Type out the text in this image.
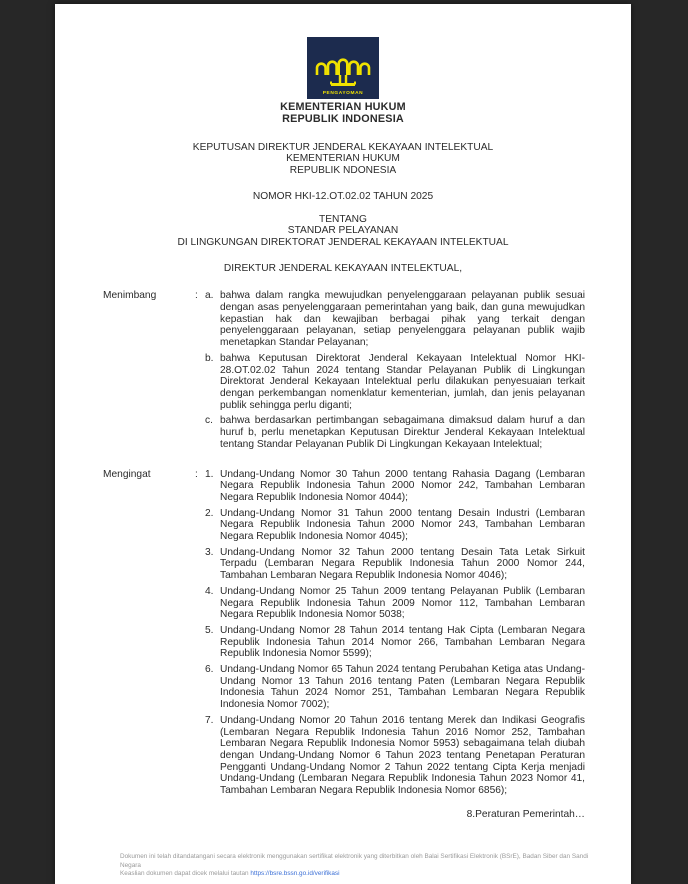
PENGAYOMAN
KEMENTERIAN HUKUM
REPUBLIK INDONESIA
KEPUTUSAN DIREKTUR JENDERAL KEKAYAAN INTELEKTUAL
KEMENTERIAN HUKUM
REPUBLIK NDONESIA
NOMOR HKI-12.OT.02.02 TAHUN 2025
TENTANG
STANDAR PELAYANAN
DI LINGKUNGAN DIREKTORAT JENDERAL KEKAYAAN INTELEKTUAL
DIREKTUR JENDERAL KEKAYAAN INTELEKTUAL,
Menimbang	: a. bahwa dalam rangka mewujudkan penyelenggaraan pelayanan publik sesuai dengan asas penyelenggaraan pemerintahan yang baik, dan guna mewujudkan kepastian hak dan kewajiban berbagai pihak yang terkait dengan penyelenggaraan pelayanan, setiap penyelenggara pelayanan publik wajib menetapkan Standar Pelayanan;
b. bahwa Keputusan Direktorat Jenderal Kekayaan Intelektual Nomor HKI-28.OT.02.02 Tahun 2024 tentang Standar Pelayanan Publik di Lingkungan Direktorat Jenderal Kekayaan Intelektual perlu dilakukan penyesuaian terkait dengan perkembangan nomenklatur kementerian, jumlah, dan jenis pelayanan publik sehingga perlu diganti;
c. bahwa berdasarkan pertimbangan sebagaimana dimaksud dalam huruf a dan huruf b, perlu menetapkan Keputusan Direktur Jenderal Kekayaan Intelektual tentang Standar Pelayanan Publik Di Lingkungan Kekayaan Intelektual;
Mengingat	: 1. Undang-Undang Nomor 30 Tahun 2000 tentang Rahasia Dagang (Lembaran Negara Republik Indonesia Tahun 2000 Nomor 242, Tambahan Lembaran Negara Republik Indonesia Nomor 4044);
2. Undang-Undang Nomor 31 Tahun 2000 tentang Desain Industri (Lembaran Negara Republik Indonesia Tahun 2000 Nomor 243, Tambahan Lembaran Negara Republik Indonesia Nomor 4045);
3. Undang-Undang Nomor 32 Tahun 2000 tentang Desain Tata Letak Sirkuit Terpadu (Lembaran Negara Republik Indonesia Tahun 2000 Nomor 244, Tambahan Lembaran Negara Republik Indonesia Nomor 4046);
4. Undang-Undang Nomor 25 Tahun 2009 tentang Pelayanan Publik (Lembaran Negara Republik Indonesia Tahun 2009 Nomor 112, Tambahan Lembaran Negara Republik Indonesia Nomor 5038;
5. Undang-Undang Nomor 28 Tahun 2014 tentang Hak Cipta (Lembaran Negara Republik Indonesia Tahun 2014 Nomor 266, Tambahan Lembaran Negara Republik Indonesia Nomor 5599);
6. Undang-Undang Nomor 65 Tahun 2024 tentang Perubahan Ketiga atas Undang-Undang Nomor 13 Tahun 2016 tentang Paten (Lembaran Negara Republik Indonesia Tahun 2024 Nomor 251, Tambahan Lembaran Negara Republik Indonesia Nomor 7002);
7. Undang-Undang Nomor 20 Tahun 2016 tentang Merek dan Indikasi Geografis (Lembaran Negara Republik Indonesia Tahun 2016 Nomor 252, Tambahan Lembaran Negara Republik Indonesia Nomor 5953) sebagaimana telah diubah dengan Undang-Undang Nomor 6 Tahun 2023 tentang Penetapan Peraturan Pengganti Undang-Undang Nomor 2 Tahun 2022 tentang Cipta Kerja menjadi Undang-Undang (Lembaran Negara Republik Indonesia Tahun 2023 Nomor 41, Tambahan Lembaran Negara Republik Indonesia Nomor 6856);
8.Peraturan Pemerintah…
Dokumen ini telah ditandatangani secara elektronik menggunakan sertifikat elektronik yang diterbitkan oleh Balai Sertifikasi Elektronik (BSrE), Badan Siber dan Sandi Negara
Keaslian dokumen dapat dicek melalui tautan https://bsre.bssn.go.id/verifikasi
